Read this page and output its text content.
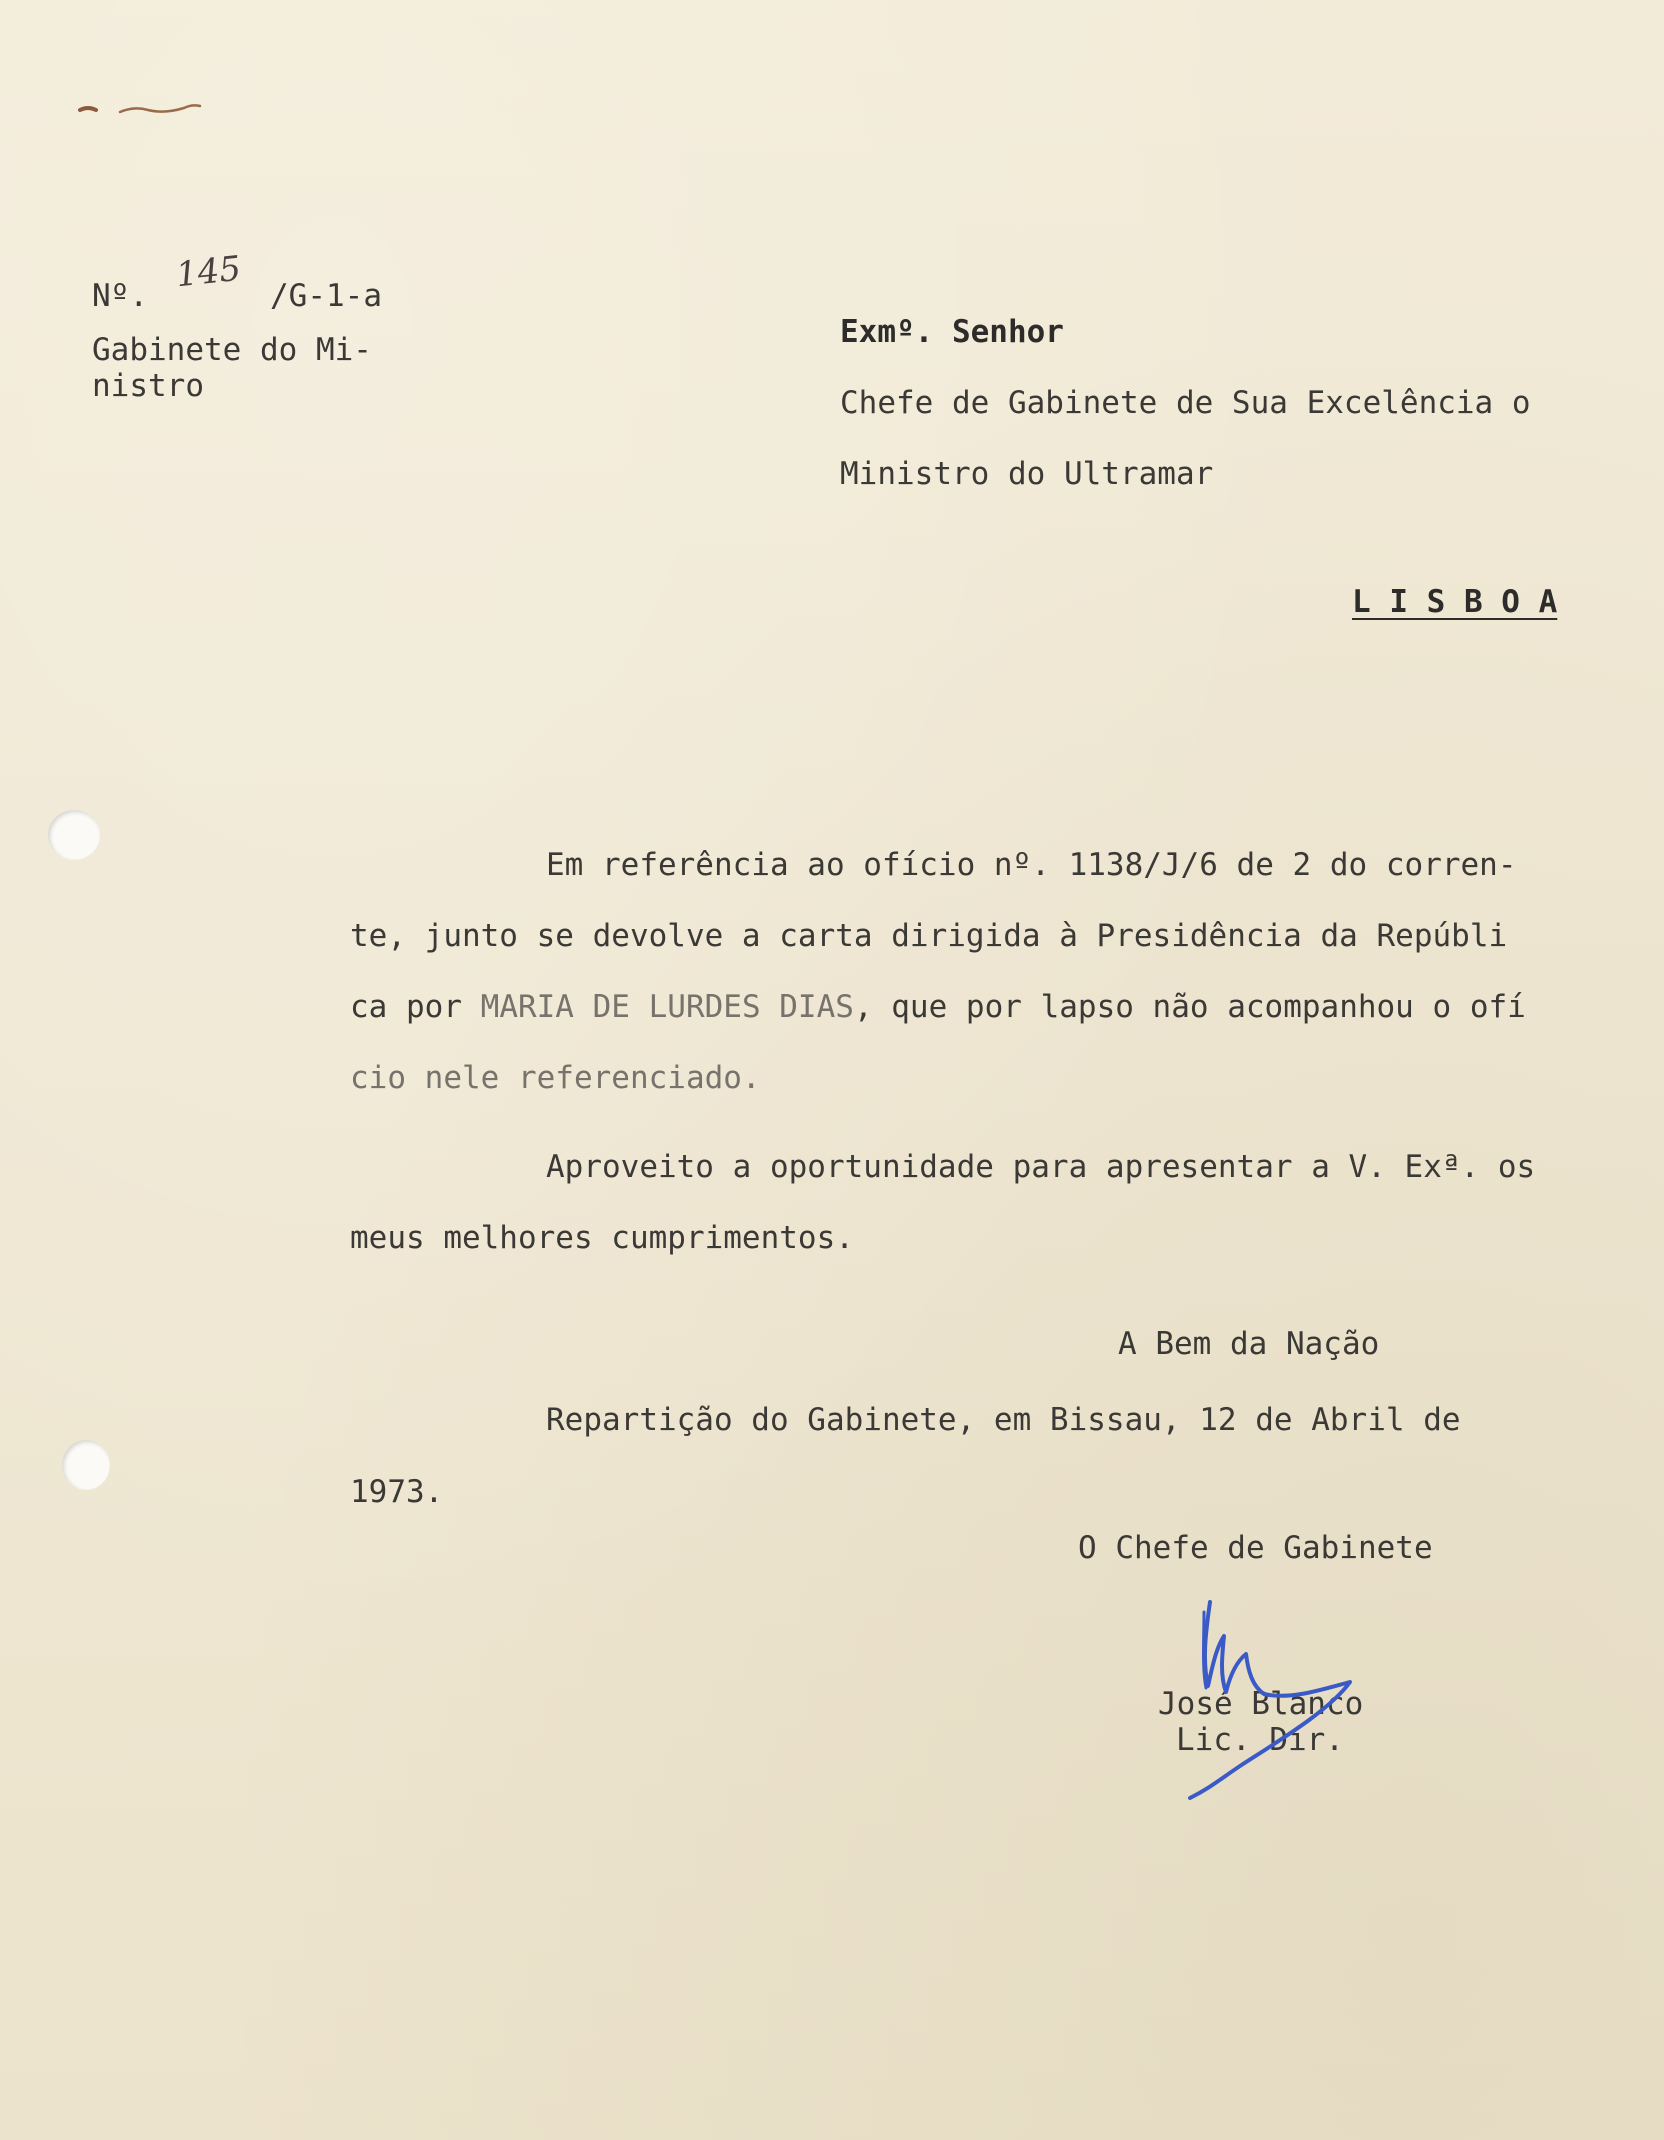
Nº.
145
/G-1-a
Gabinete do Mi-
nistro
Exmº. Senhor
Chefe de Gabinete de Sua Excelência o
Ministro do Ultramar
L I S B O A
Em referência ao ofício nº. 1138/J/6 de 2 do corren-
te, junto se devolve a carta dirigida à Presidência da Repúbli
ca por MARIA DE LURDES DIAS, que por lapso não acompanhou o ofí
cio nele referenciado.
Aproveito a oportunidade para apresentar a V. Exª. os
meus melhores cumprimentos.
A Bem da Nação
Repartição do Gabinete, em Bissau, 12 de Abril de
1973.
O Chefe de Gabinete
José Blanco
Lic. Dir.
